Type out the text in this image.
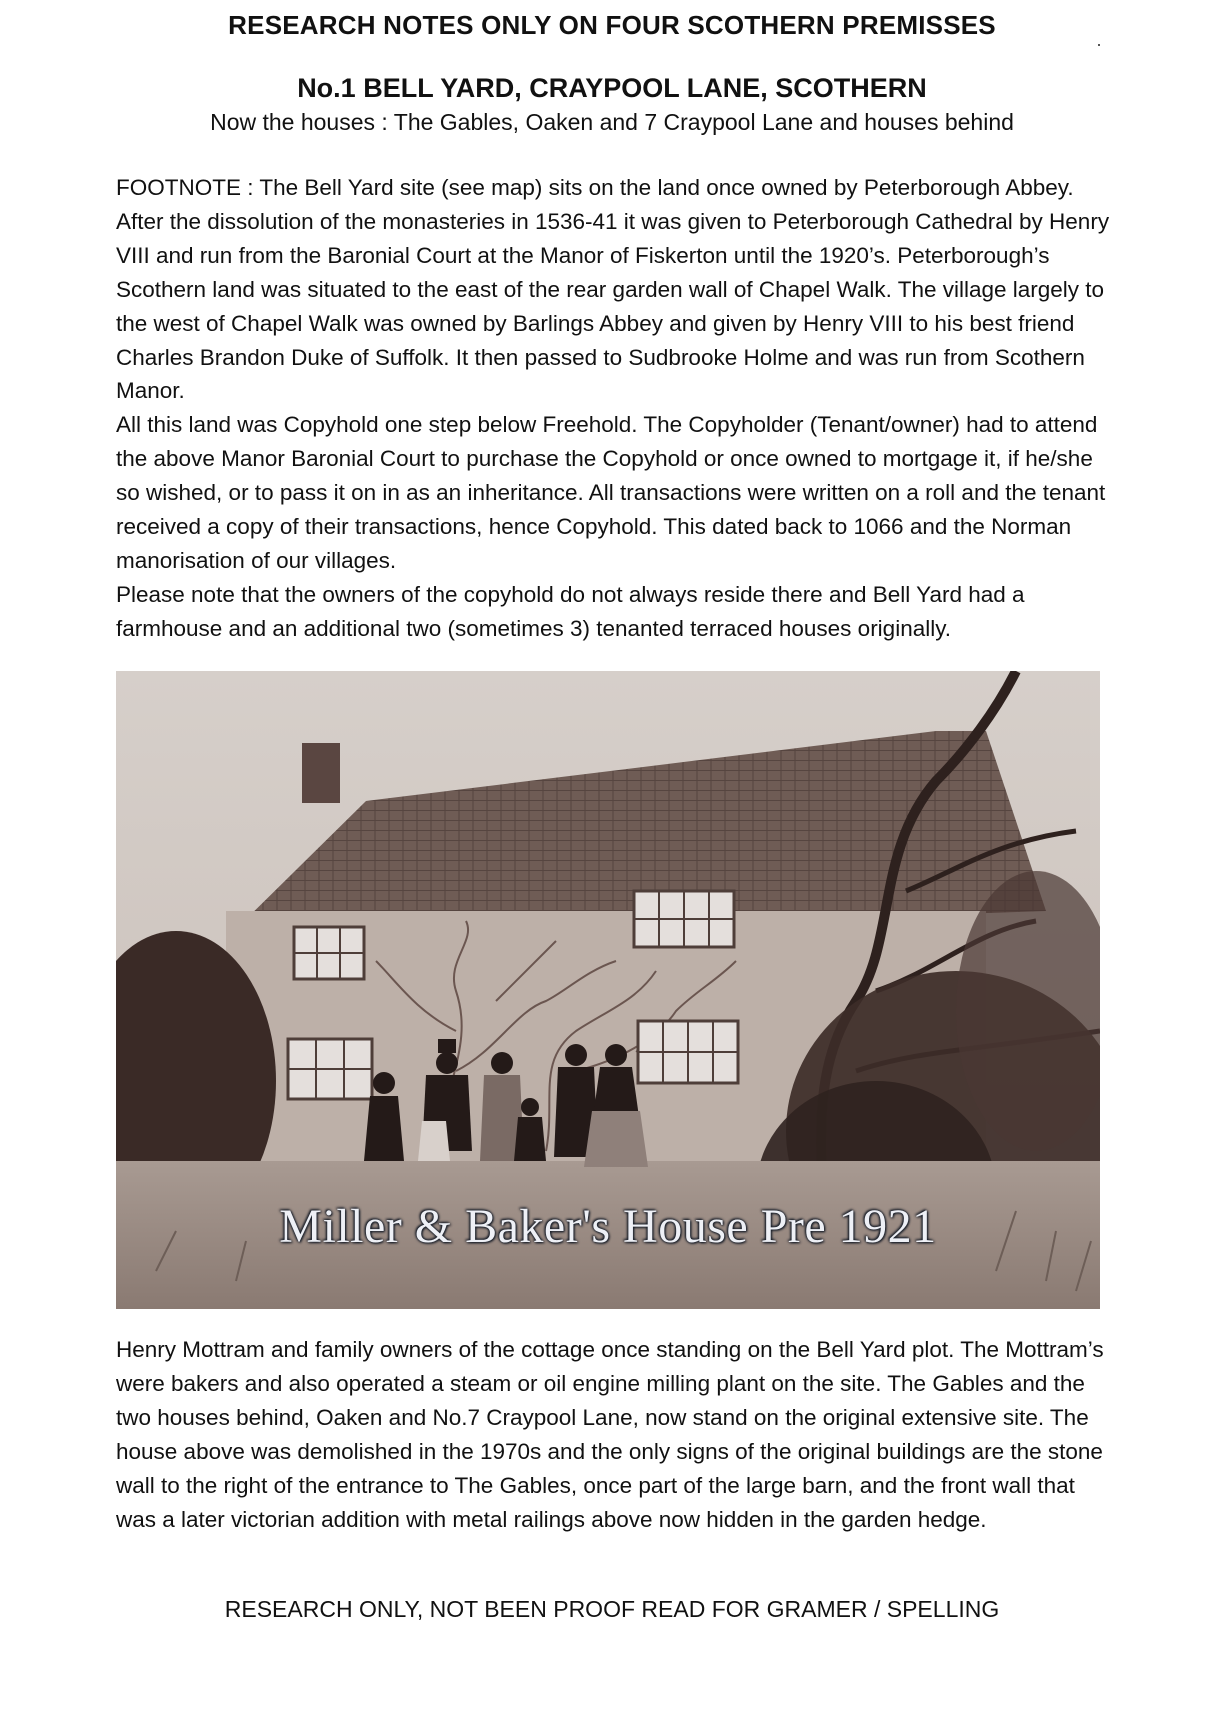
RESEARCH NOTES ONLY ON FOUR SCOTHERN PREMISSES
No.1 BELL YARD, CRAYPOOL LANE, SCOTHERN
Now the houses : The Gables, Oaken and 7 Craypool Lane and houses behind

FOOTNOTE : The Bell Yard site (see map) sits on the land once owned by Peterborough Abbey. After the dissolution of the monasteries in 1536-41 it was given to Peterborough Cathedral by Henry VIII and run from the Baronial Court at the Manor of Fiskerton until the 1920’s. Peterborough’s Scothern land was situated to the east of the rear garden wall of Chapel Walk. The village largely to the west of Chapel Walk was owned by Barlings Abbey and given by Henry VIII to his best friend Charles Brandon Duke of Suffolk. It then passed to Sudbrooke Holme and was run from Scothern Manor.

All this land was Copyhold one step below Freehold. The Copyholder (Tenant/owner) had to attend the above Manor Baronial Court to purchase the Copyhold or once owned to mortgage it, if he/she so wished, or to pass it on in as an inheritance. All transactions were written on a roll and the tenant received a copy of their transactions, hence Copyhold. This dated back to 1066 and the Norman manorisation of our villages.

Please note that the owners of the copyhold do not always reside there and Bell Yard had a farmhouse and an additional two (sometimes 3) tenanted terraced houses originally.

Miller & Baker's House Pre 1921

Henry Mottram and family owners of the cottage once standing on the Bell Yard plot. The Mottram’s were bakers and also operated a steam or oil engine milling plant on the site. The Gables and the two houses behind, Oaken and No.7 Craypool Lane, now stand on the original extensive site. The house above was demolished in the 1970s and the only signs of the original buildings are the stone wall to the right of the entrance to The Gables, once part of the large barn, and the front wall that was a later victorian addition with metal railings above now hidden in the garden hedge.

RESEARCH ONLY, NOT BEEN PROOF READ FOR GRAMER / SPELLING
